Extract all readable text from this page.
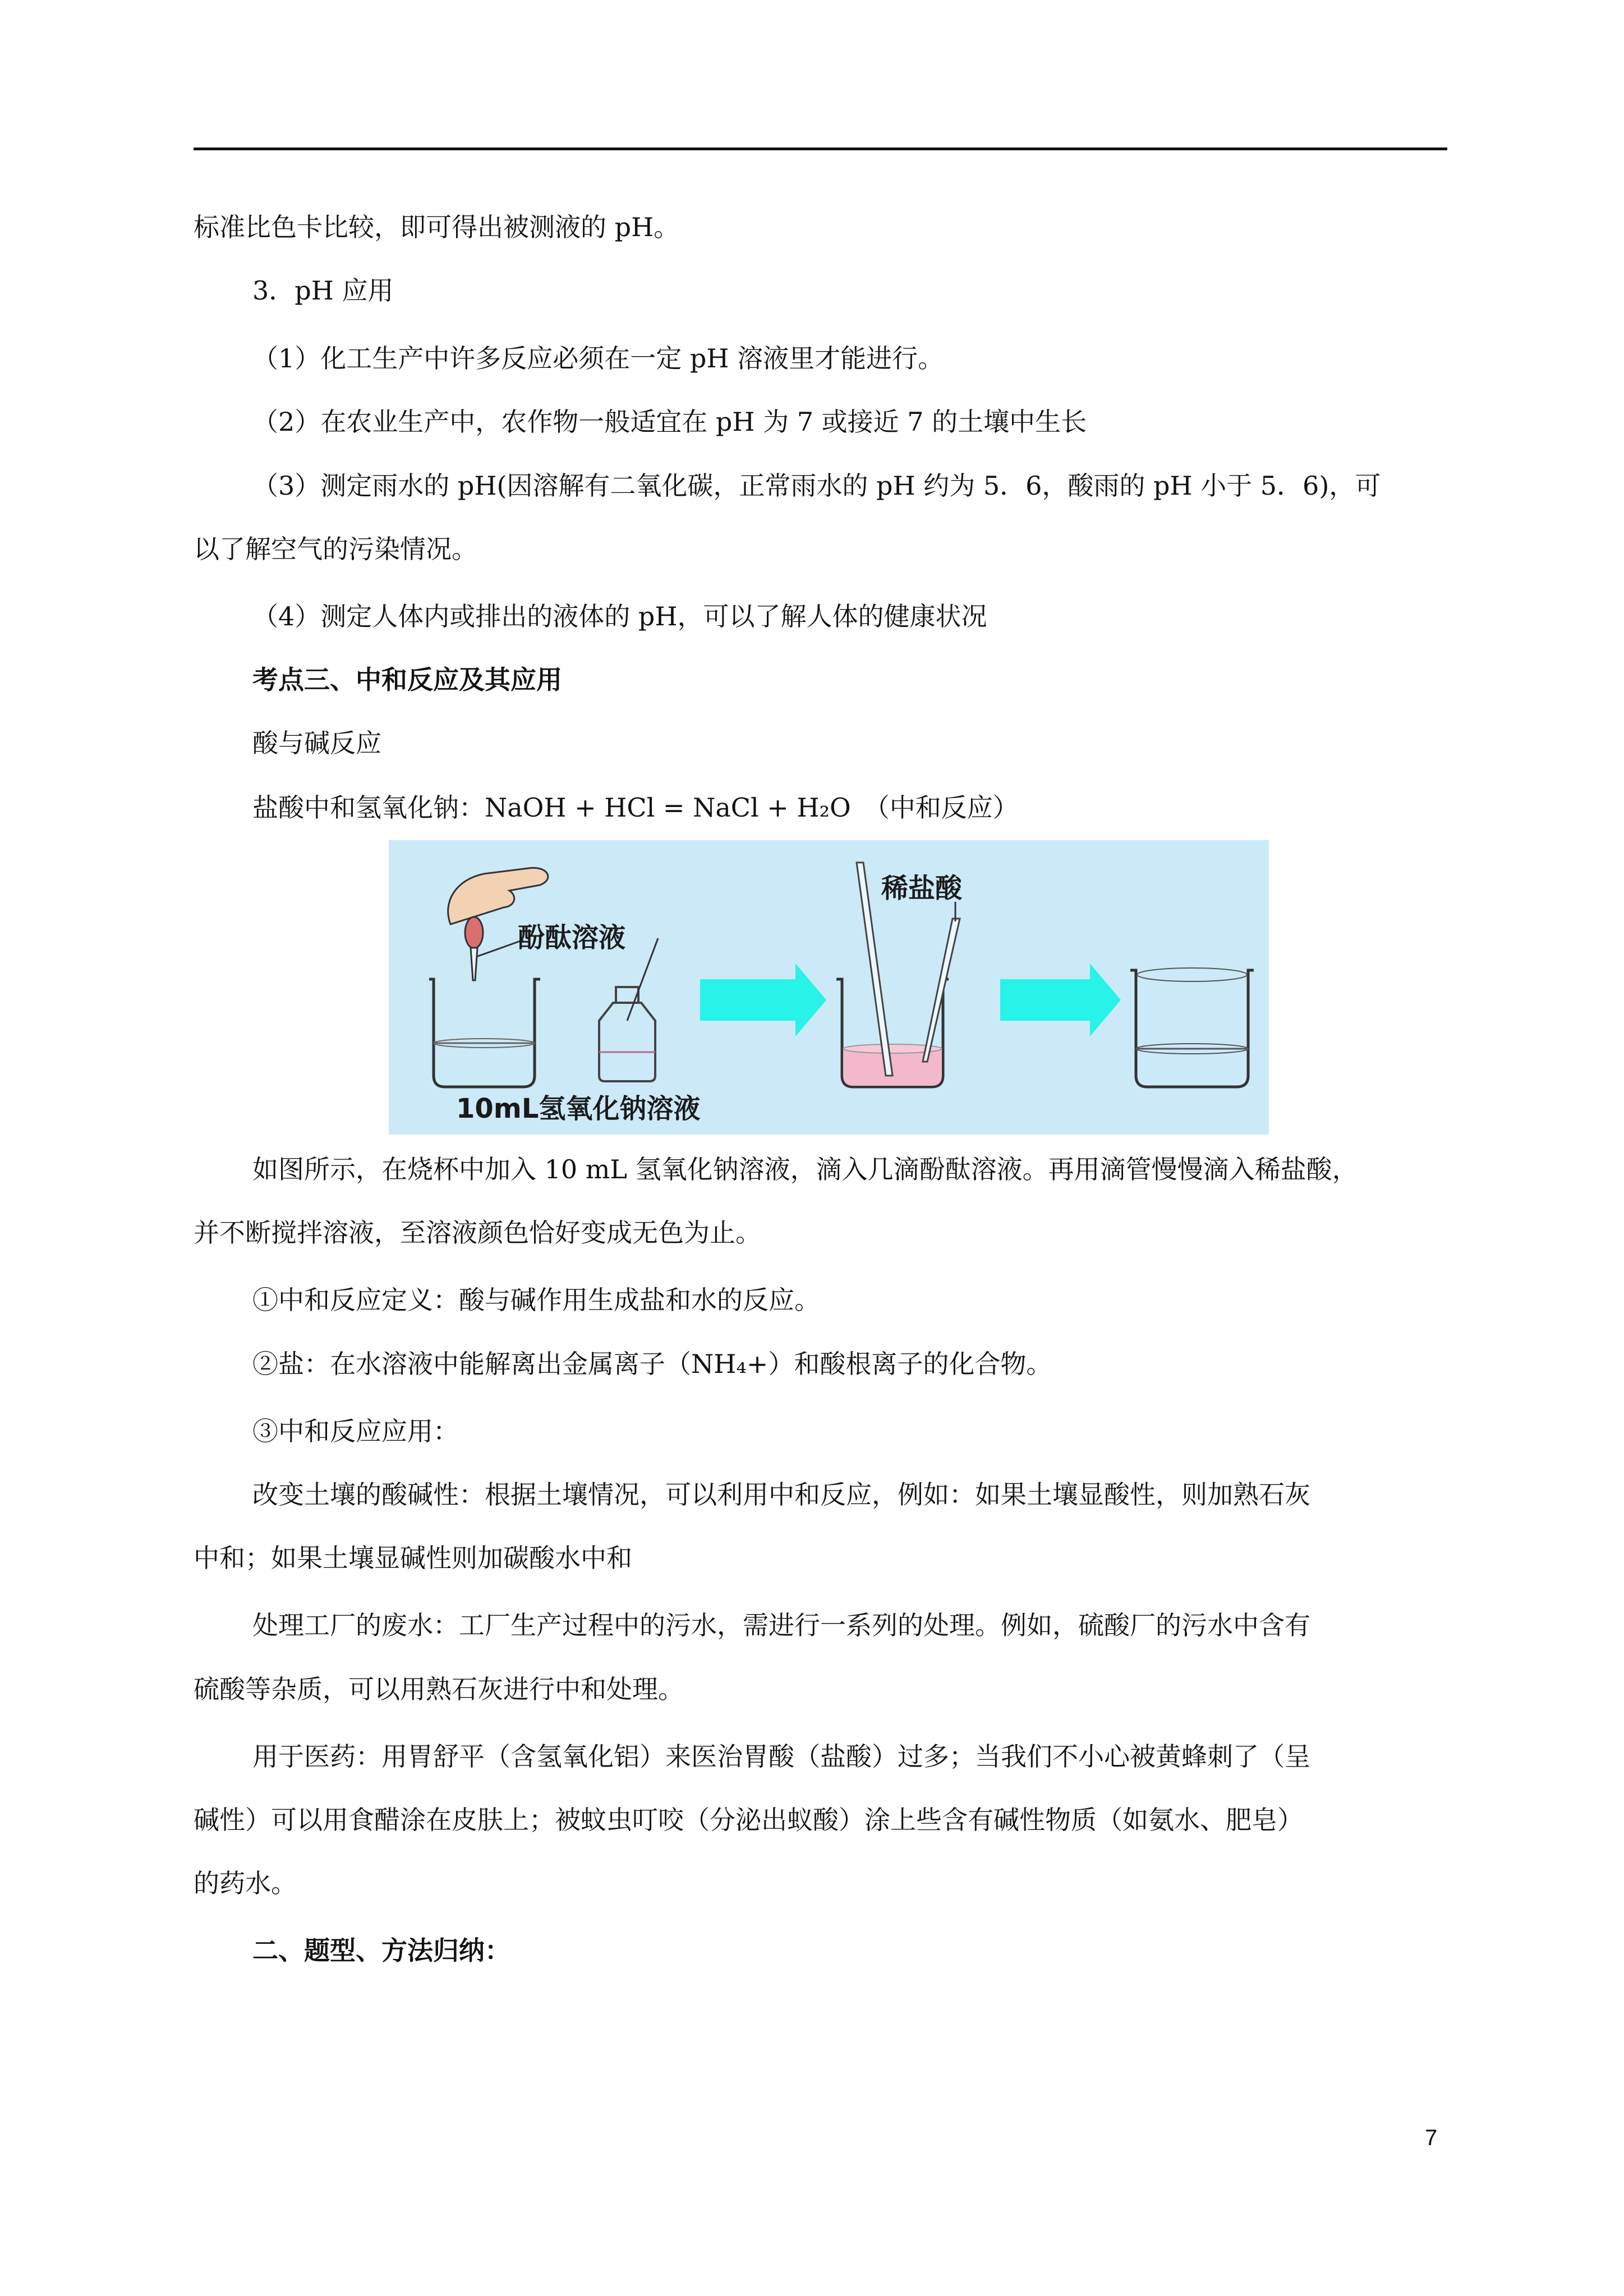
标准比色卡比较，即可得出被测液的 pH。
3．pH 应用
（1）化工生产中许多反应必须在一定 pH 溶液里才能进行。
（2）在农业生产中，农作物一般适宜在 pH 为 7 或接近 7 的土壤中生长
（3）测定雨水的 pH(因溶解有二氧化碳，正常雨水的 pH 约为 5．6，酸雨的 pH 小于 5．6)，可
以了解空气的污染情况。
（4）测定人体内或排出的液体的 pH，可以了解人体的健康状况
考点三、中和反应及其应用
酸与碱反应
盐酸中和氢氧化钠：NaOH + HCl = NaCl + H₂O　（中和反应）
酚酞溶液
10mL氢氧化钠溶液
稀盐酸
如图所示，在烧杯中加入 10 mL 氢氧化钠溶液，滴入几滴酚酞溶液。再用滴管慢慢滴入稀盐酸，
并不断搅拌溶液，至溶液颜色恰好变成无色为止。
①中和反应定义：酸与碱作用生成盐和水的反应。
②盐：在水溶液中能解离出金属离子（NH₄+）和酸根离子的化合物。
③中和反应应用：
改变土壤的酸碱性：根据土壤情况，可以利用中和反应，例如：如果土壤显酸性，则加熟石灰
中和；如果土壤显碱性则加碳酸水中和
处理工厂的废水：工厂生产过程中的污水，需进行一系列的处理。例如，硫酸厂的污水中含有
硫酸等杂质，可以用熟石灰进行中和处理。
用于医药：用胃舒平（含氢氧化铝）来医治胃酸（盐酸）过多；当我们不小心被黄蜂刺了（呈
碱性）可以用食醋涂在皮肤上；被蚊虫叮咬（分泌出蚁酸）涂上些含有碱性物质（如氨水、肥皂）
的药水。
二、题型、方法归纳：
7
